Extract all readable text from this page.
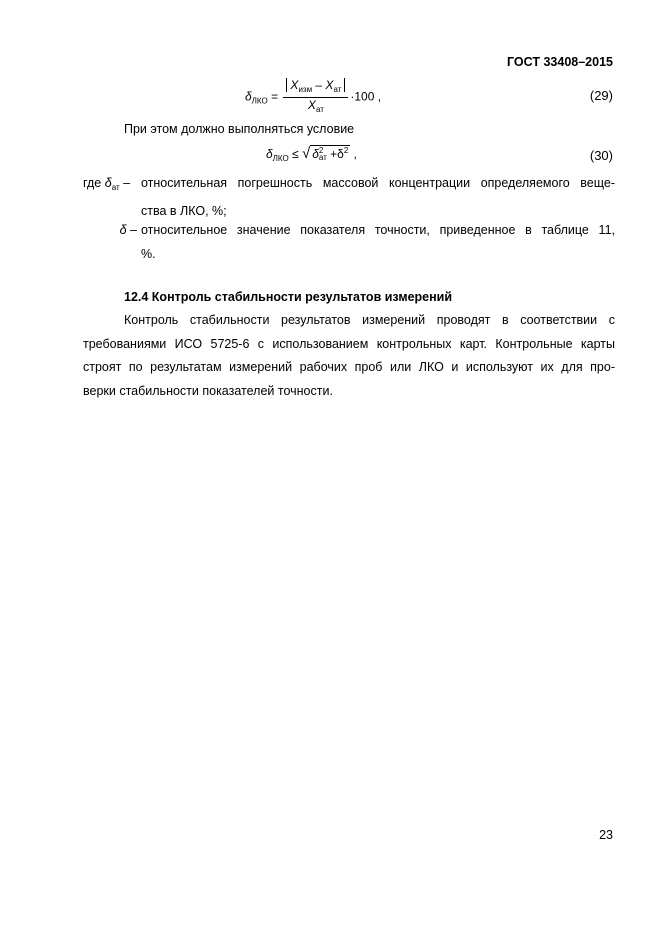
ГОСТ 33408–2015
$\delta_{ЛКО} = \frac{X_{изм} - X_{ат}}{X_{ат}} \cdot 100$ ,	(29)
При этом должно выполняться условие
$\delta_{ЛКО}$ ≤ √ δ 2
ат $+\delta^2$ ,	(30)
где $\delta_{ат}$ – относительная погрешность массовой концентрации определяемого веще-
ства в ЛКО, %;
δ – относительное значение показателя точности, приведенное в таблице 11,
%.
12.4 Контроль стабильности результатов измерений
Контроль стабильности результатов измерений проводят в соответствии с
требованиями ИСО 5725-6 с использованием контрольных карт. Контрольные карты
строят по результатам измерений рабочих проб или ЛКО и используют их для про-
верки стабильности показателей точности.
23
